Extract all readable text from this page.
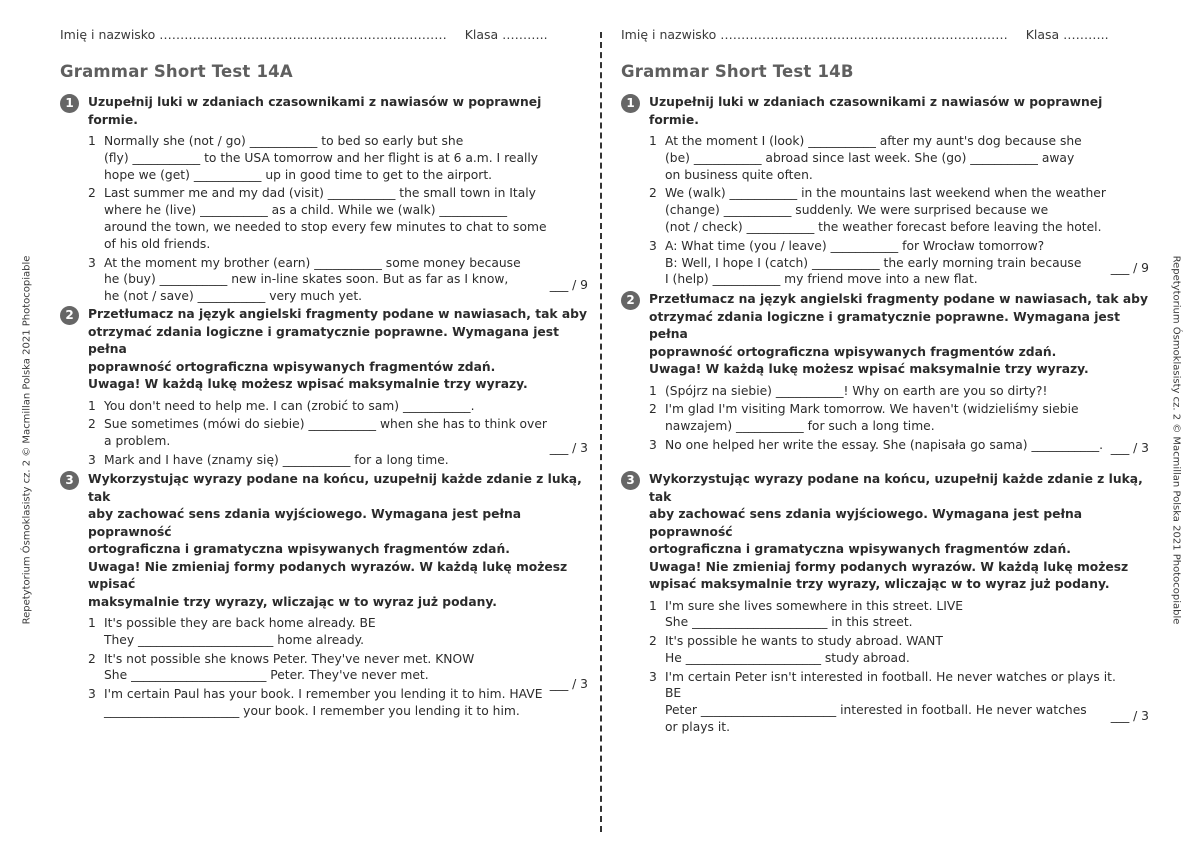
Repetytorium Ósmoklasisty cz. 2 © Macmillan Polska 2021 Photocopiable	Repetytorium Ósmoklasisty cz. 2 © Macmillan Polska 2021 Photocopiable
Imię i nazwisko …………………………………………………………… Klasa ………..
Grammar Short Test 14A
1	Uzupełnij luki w zdaniach czasownikami z nawiasów w poprawnej formie.
1 Normally she (not / go) ___________ to bed so early but she
(fly) ___________ to the USA tomorrow and her flight is at 6 a.m. I really
hope we (get) ___________ up in good time to get to the airport.
2 Last summer me and my dad (visit) ___________ the small town in Italy
where he (live) ___________ as a child. While we (walk) ___________
around the town, we needed to stop every few minutes to chat to some
of his old friends.
3 At the moment my brother (earn) ___________ some money because
he (buy) ___________ new in-line skates soon. But as far as I know,
he (not / save) ___________ very much yet.
___ / 9
2	Przetłumacz na język angielski fragmenty podane w nawiasach, tak aby
otrzymać zdania logiczne i gramatycznie poprawne. Wymagana jest pełna
poprawność ortograficzna wpisywanych fragmentów zdań.
Uwaga! W każdą lukę możesz wpisać maksymalnie trzy wyrazy.
1 You don't need to help me. I can (zrobić to sam) ___________.
2 Sue sometimes (mówi do siebie) ___________ when she has to think over
a problem.
3 Mark and I have (znamy się) ___________ for a long time.
___ / 3
3	Wykorzystując wyrazy podane na końcu, uzupełnij każde zdanie z luką, tak
aby zachować sens zdania wyjściowego. Wymagana jest pełna poprawność
ortograficzna i gramatyczna wpisywanych fragmentów zdań.
Uwaga! Nie zmieniaj formy podanych wyrazów. W każdą lukę możesz wpisać
maksymalnie trzy wyrazy, wliczając w to wyraz już podany.
1 It's possible they are back home already. BE
They ______________________ home already.
2 It's not possible she knows Peter. They've never met. KNOW
She ______________________ Peter. They've never met.
3 I'm certain Paul has your book. I remember you lending it to him. HAVE
______________________ your book. I remember you lending it to him.
___ / 3
Imię i nazwisko …………………………………………………………… Klasa ………..
Grammar Short Test 14B
1	Uzupełnij luki w zdaniach czasownikami z nawiasów w poprawnej formie.
1 At the moment I (look) ___________ after my aunt's dog because she
(be) ___________ abroad since last week. She (go) ___________ away
on business quite often.
2 We (walk) ___________ in the mountains last weekend when the weather
(change) ___________ suddenly. We were surprised because we
(not / check) ___________ the weather forecast before leaving the hotel.
3 A: What time (you / leave) ___________ for Wrocław tomorrow?
B: Well, I hope I (catch) ___________ the early morning train because
I (help) ___________ my friend move into a new flat.
___ / 9
2	Przetłumacz na język angielski fragmenty podane w nawiasach, tak aby
otrzymać zdania logiczne i gramatycznie poprawne. Wymagana jest pełna
poprawność ortograficzna wpisywanych fragmentów zdań.
Uwaga! W każdą lukę możesz wpisać maksymalnie trzy wyrazy.
1 (Spójrz na siebie) ___________! Why on earth are you so dirty?!
2 I'm glad I'm visiting Mark tomorrow. We haven't (widzieliśmy siebie
nawzajem) ___________ for such a long time.
3 No one helped her write the essay. She (napisała go sama) ___________. ___ / 3
3	Wykorzystując wyrazy podane na końcu, uzupełnij każde zdanie z luką, tak
aby zachować sens zdania wyjściowego. Wymagana jest pełna poprawność
ortograficzna i gramatyczna wpisywanych fragmentów zdań.
Uwaga! Nie zmieniaj formy podanych wyrazów. W każdą lukę możesz
wpisać maksymalnie trzy wyrazy, wliczając w to wyraz już podany.
1 I'm sure she lives somewhere in this street. LIVE
She ______________________ in this street.
2 It's possible he wants to study abroad. WANT
He ______________________ study abroad.
3 I'm certain Peter isn't interested in football. He never watches or plays it.
BE
Peter ______________________ interested in football. He never watches
or plays it.
___ / 3
